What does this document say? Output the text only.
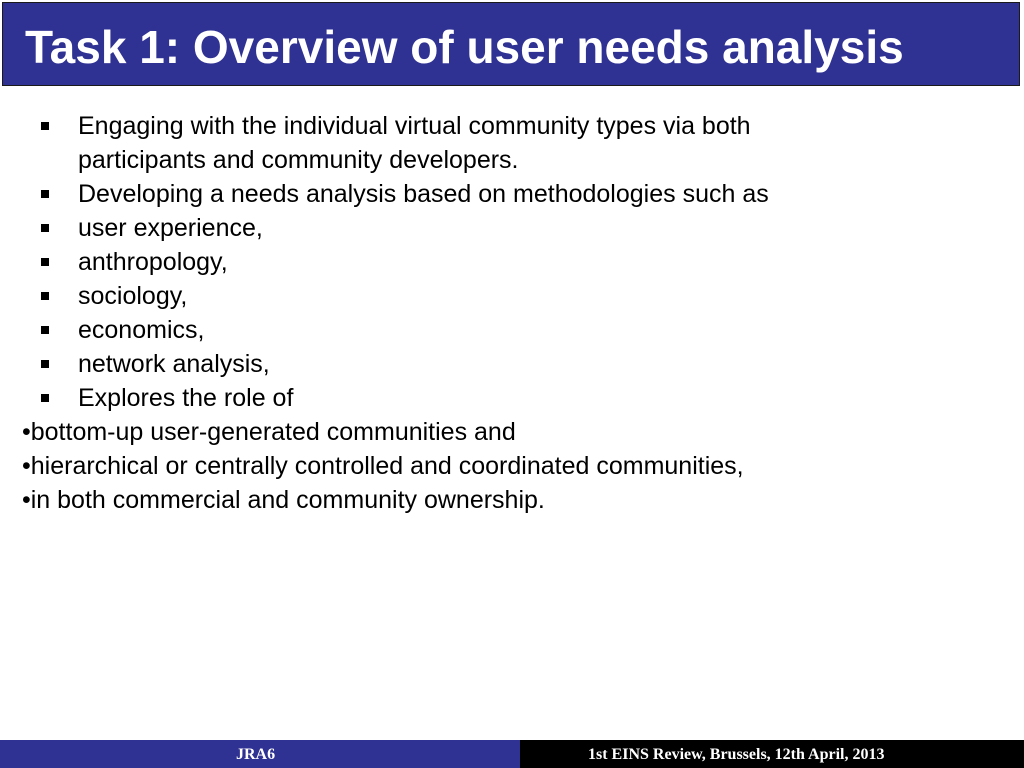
Task 1: Overview of user needs analysis
Engaging with the individual virtual community types via both participants and community developers.
Developing a needs analysis based on methodologies such as
user experience,
anthropology,
sociology,
economics,
network analysis,
Explores the role of
•bottom-up user-generated communities and
•hierarchical or centrally controlled and coordinated communities,
•in both commercial and community ownership.
JRA6	1st EINS Review, Brussels, 12th April, 2013
